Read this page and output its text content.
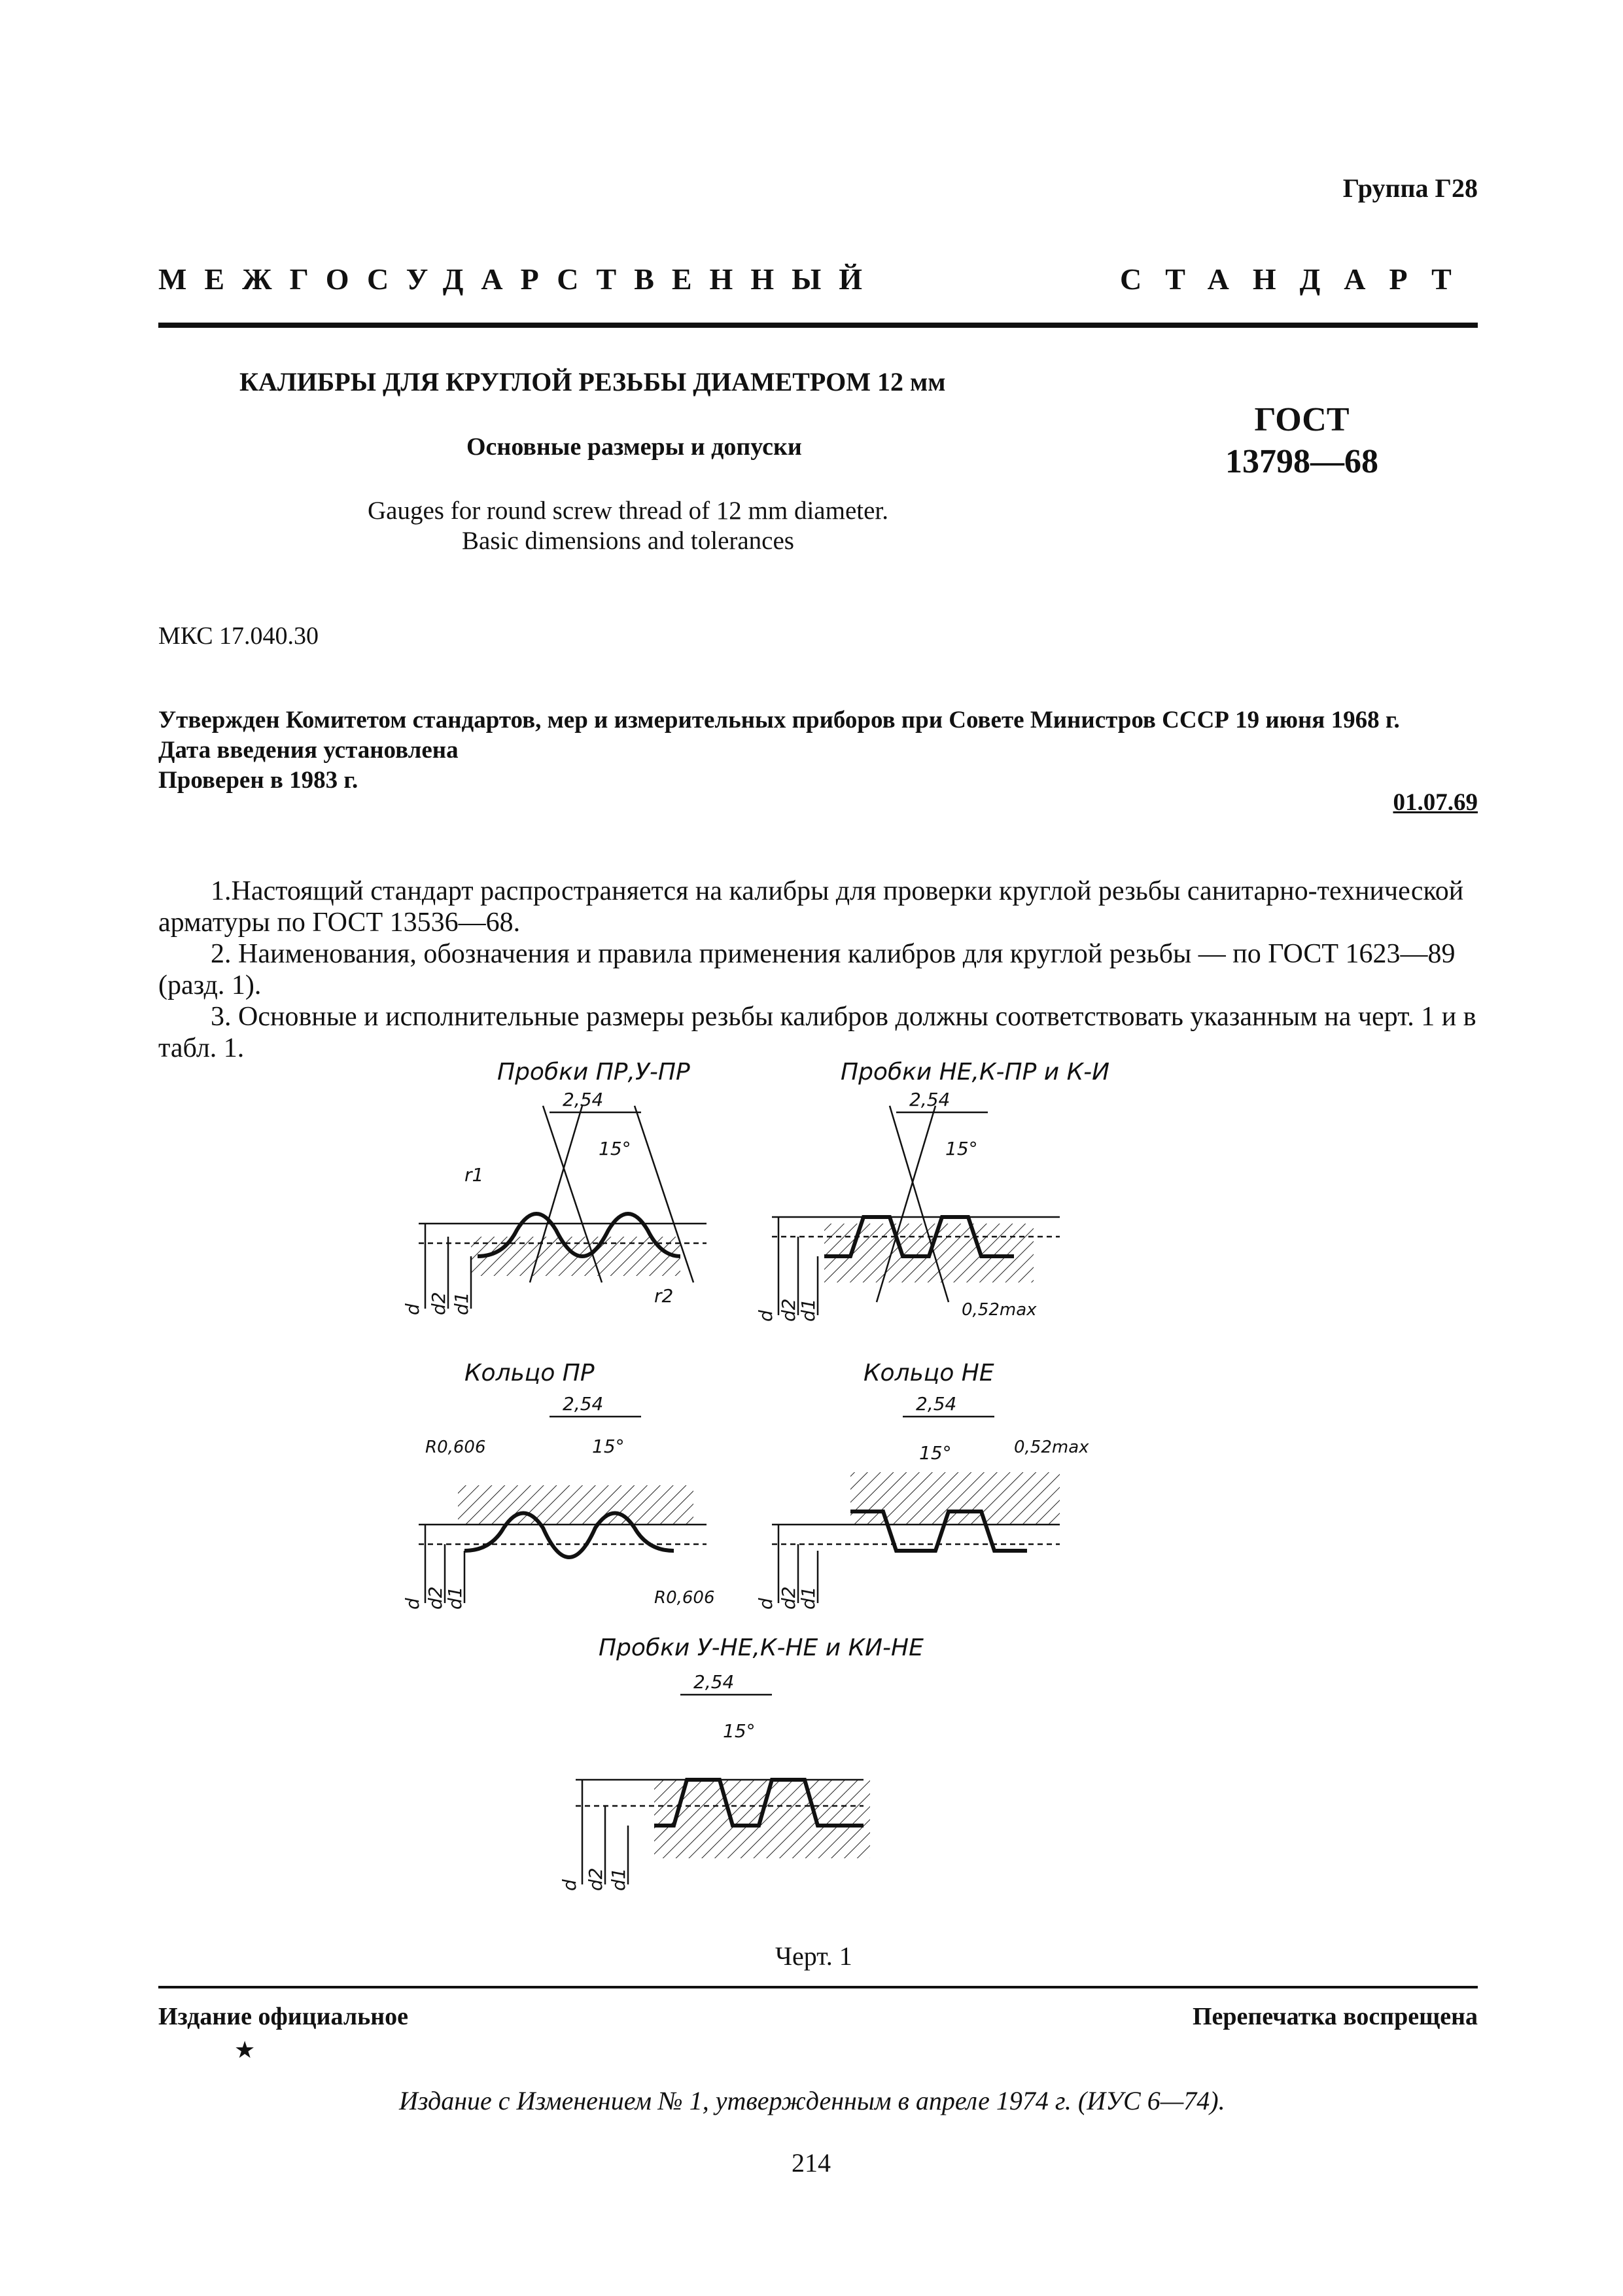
Группа Г28
МЕЖГОСУДАРСТВЕННЫЙ	СТАНДАРТ
КАЛИБРЫ ДЛЯ КРУГЛОЙ РЕЗЬБЫ ДИАМЕТРОМ 12 мм
Основные размеры и допуски
ГОСТ
13798—68
Gauges for round screw thread of 12 mm diameter.
Basic dimensions and tolerances
МКС 17.040.30
Утвержден Комитетом стандартов, мер и измерительных приборов при Совете Министров СССР 19 июня 1968 г.
Дата введения установлена
Проверен в 1983 г.
01.07.69
1.Настоящий стандарт распространяется на калибры для проверки круглой резьбы санитарно-технической арматуры по ГОСТ 13536—68.
2. Наименования, обозначения и правила применения калибров для круглой резьбы — по ГОСТ 1623—89 (разд. 1).
3. Основные и исполнительные размеры резьбы калибров должны соответствовать указанным на черт. 1 и в табл. 1.
Пробки ПР,У-ПР
2,54
15°
r1
d d2 d1	r2
Пробки НЕ,К-ПР и К-И
2,54
15°
d d2
d1	0,52max
Кольцо ПР
2,54
15°
R0,606
d d2
d1	R0,606
Кольцо НЕ
2,54
15°	0,52max
d d2
d1
Пробки У-НЕ,К-НЕ и КИ-НЕ
2,54
15°
d d2 d1
Черт. 1
Издание официальное
★
Перепечатка воспрещена
Издание с Изменением № 1, утвержденным в апреле 1974 г. (ИУС 6—74).
214
